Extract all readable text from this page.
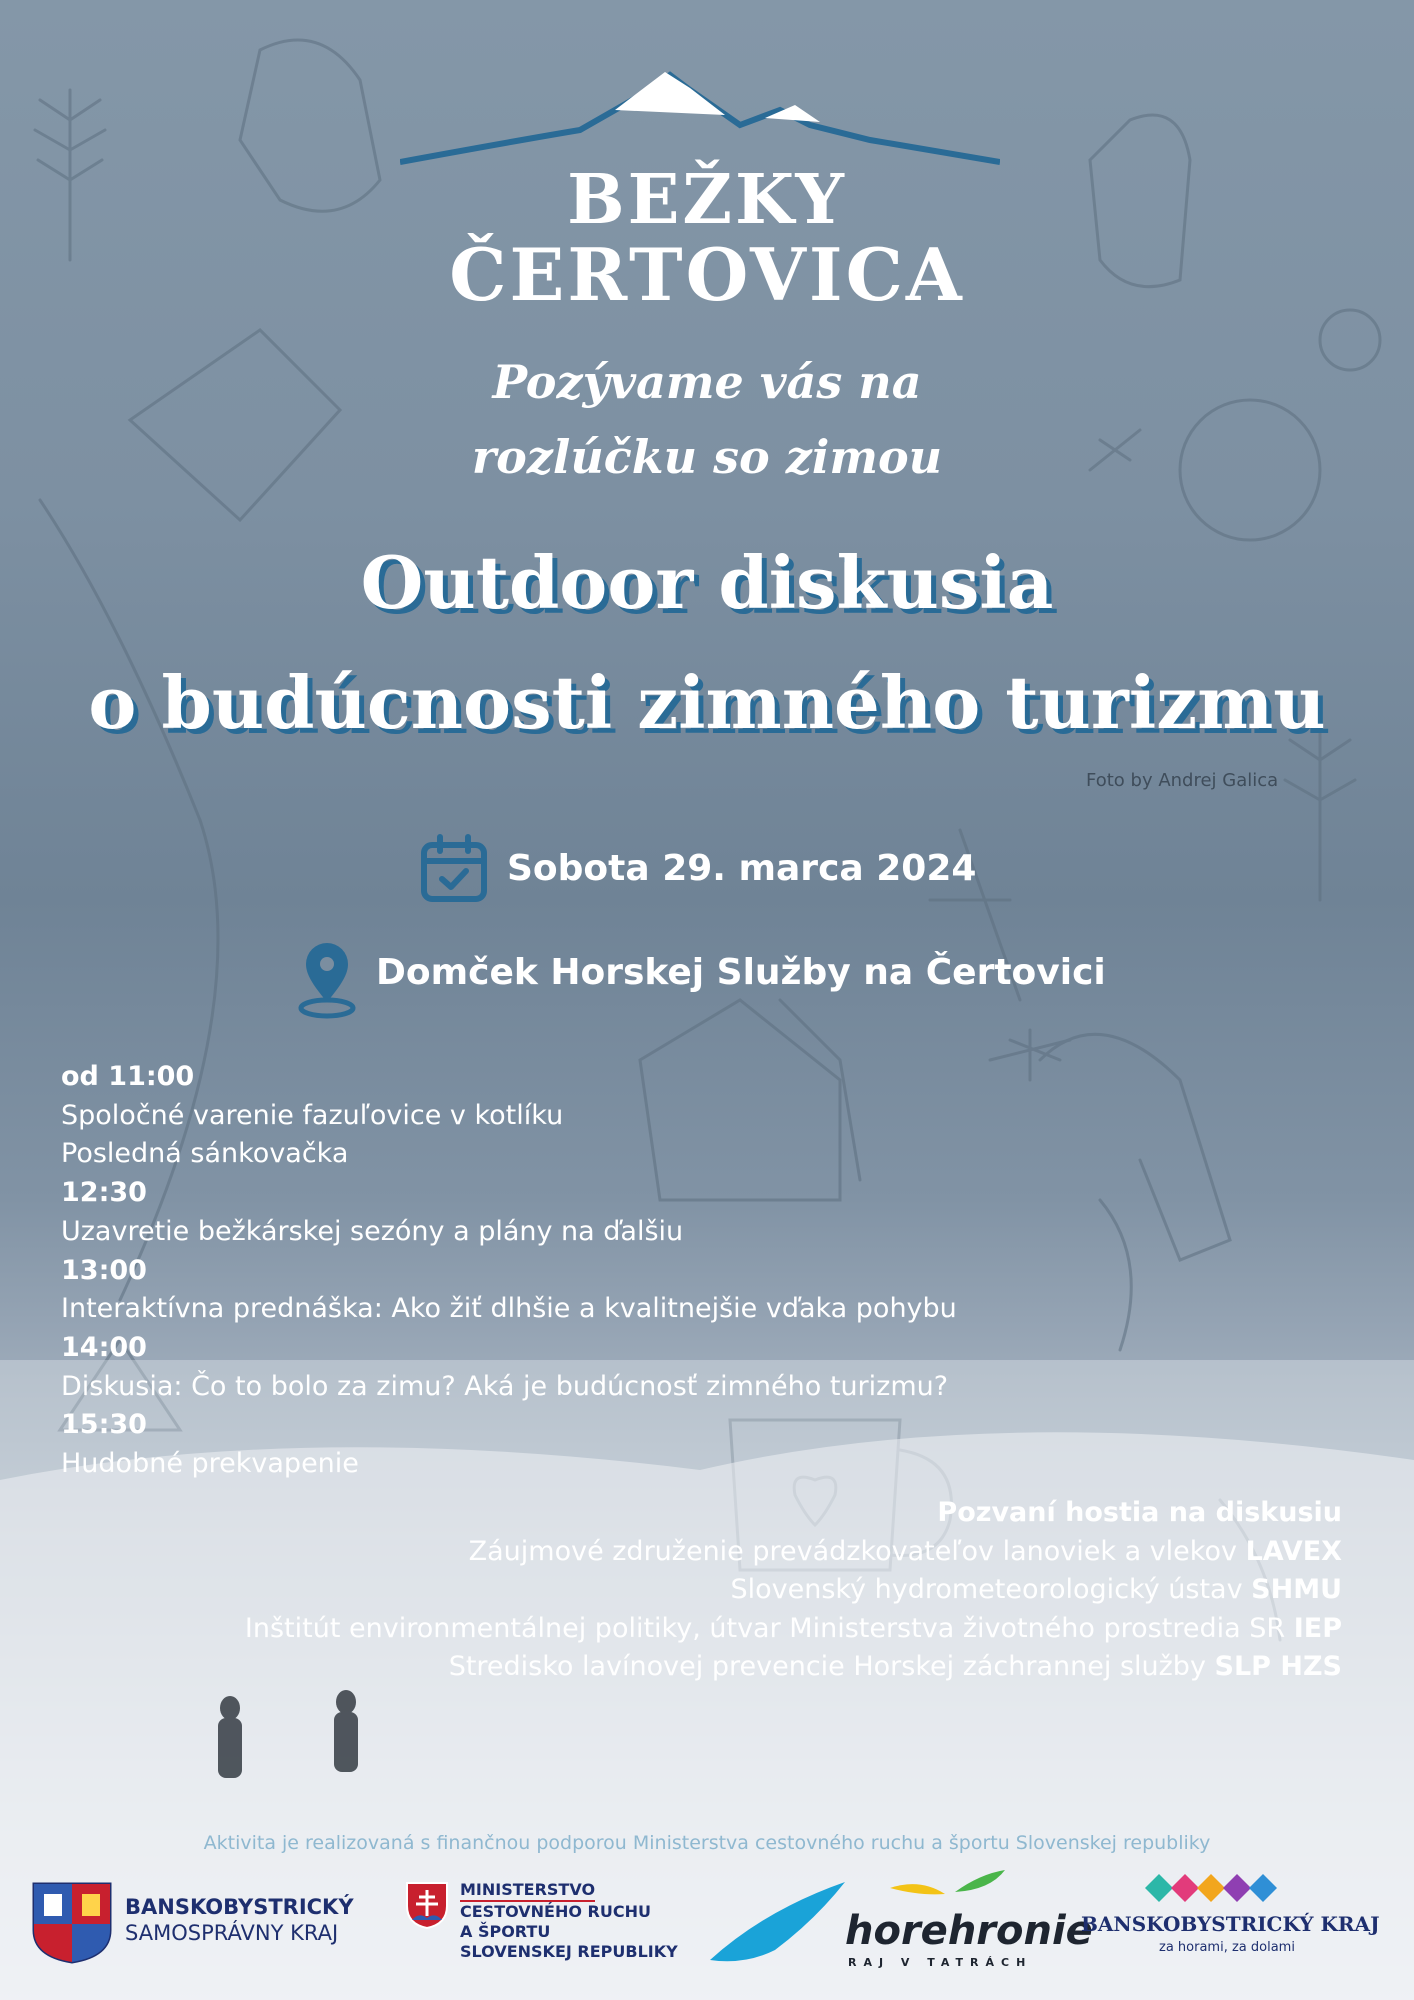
BEŽKY
ČERTOVICA
Pozývame vás na
rozlúčku so zimou
Outdoor diskusia
o budúcnosti zimného turizmu
Foto by Andrej Galica
Sobota 29. marca 2024
Domček Horskej Služby na Čertovici
od 11:00
Spoločné varenie fazuľovice v kotlíku
Posledná sánkovačka
12:30
Uzavretie bežkárskej sezóny a plány na ďalšiu
13:00
Interaktívna prednáška: Ako žiť dlhšie a kvalitnejšie vďaka pohybu
14:00
Diskusia: Čo to bolo za zimu? Aká je budúcnosť zimného turizmu?
15:30
Hudobné prekvapenie
Pozvaní hostia na diskusiu
Záujmové združenie prevádzkovateľov lanoviek a vlekov LAVEX
Slovenský hydrometeorologický ústav SHMU
Inštitút environmentálnej politiky, útvar Ministerstva životného prostredia SR IEP
Stredisko lavínovej prevencie Horskej záchrannej služby SLP HZS
Aktivita je realizovaná s finančnou podporou Ministerstva cestovného ruchu a športu Slovenskej republiky
BANSKOBYSTRICKÝ
SAMOSPRÁVNY KRAJ
MINISTERSTVO
CESTOVNÉHO RUCHU
A ŠPORTU
SLOVENSKEJ REPUBLIKY	horehronie
RAJ V TATRÁCH
BANSKOBYSTRICKÝ KRAJ
za horami, za dolami
